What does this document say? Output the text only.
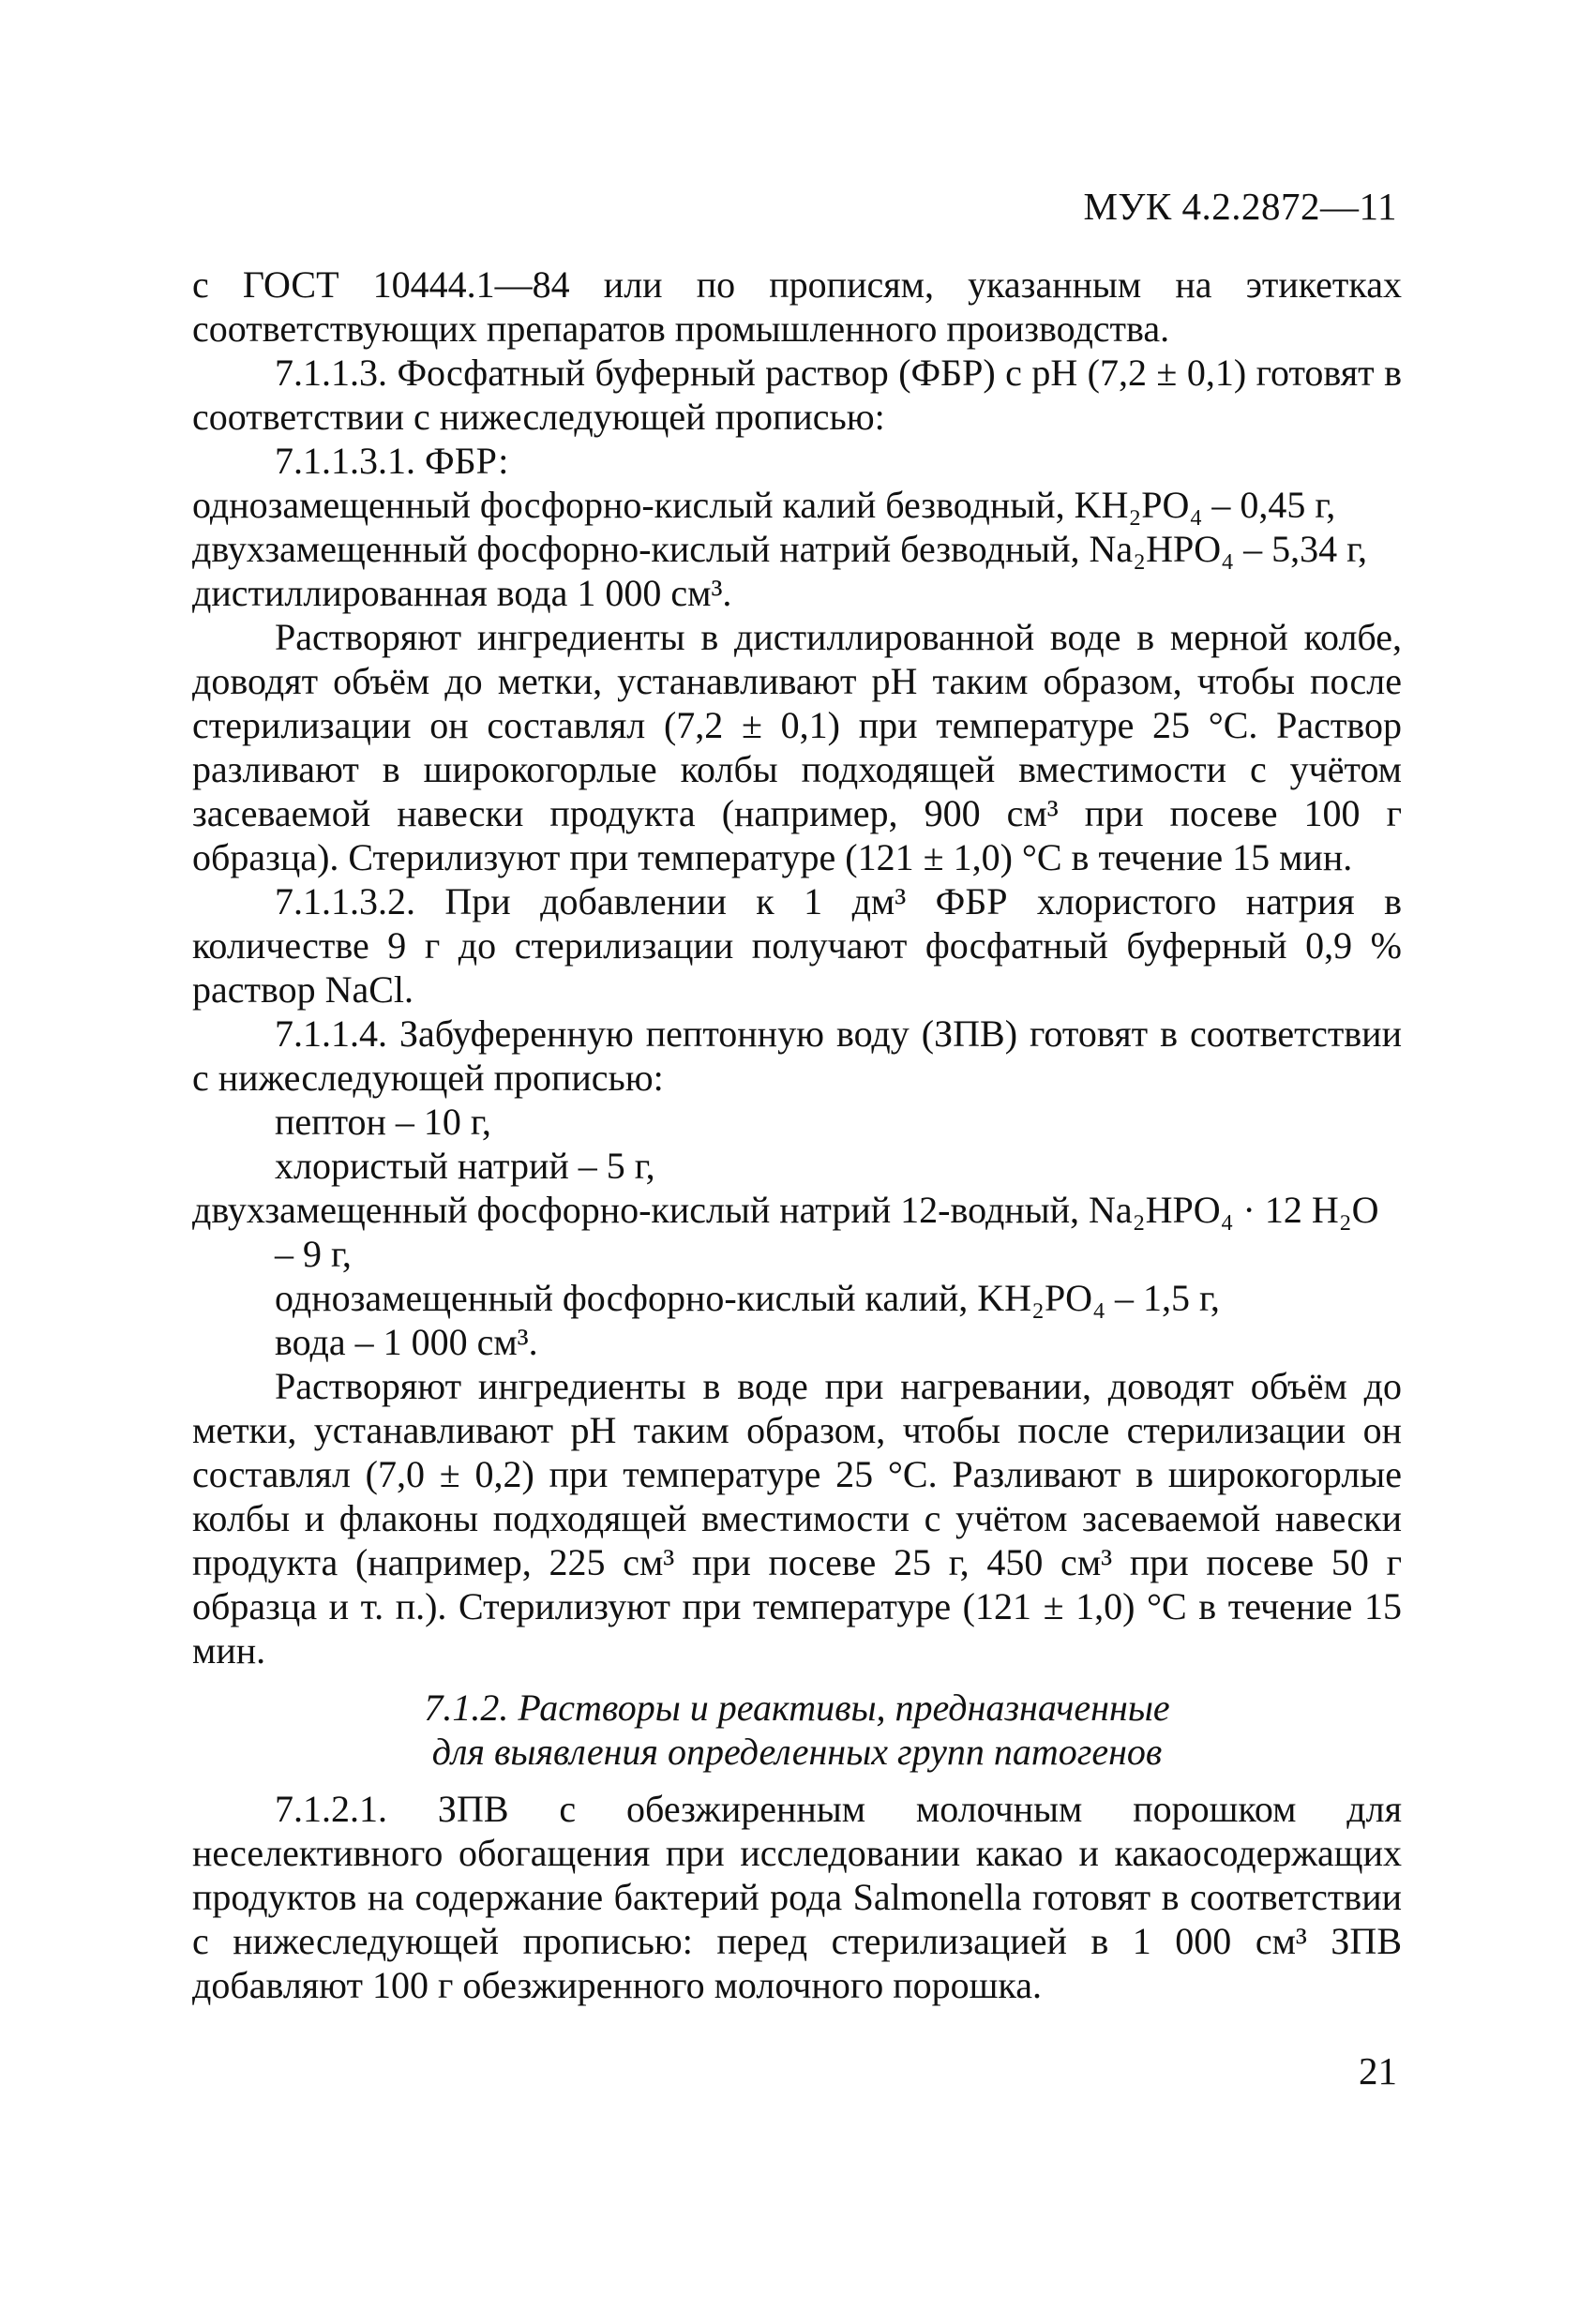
МУК 4.2.2872—11

с ГОСТ 10444.1—84 или по прописям, указанным на этикетках соответствующих препаратов промышленного производства.

7.1.1.3. Фосфатный буферный раствор (ФБР) с pH (7,2 ± 0,1) готовят в соответствии с нижеследующей прописью:

7.1.1.3.1. ФБР:

однозамещенный фосфорно-кислый калий безводный, KH₂PO₄ – 0,45 г,

двухзамещенный фосфорно-кислый натрий безводный, Na₂HPO₄ – 5,34 г,

дистиллированная вода 1 000 см³.

Растворяют ингредиенты в дистиллированной воде в мерной колбе, доводят объём до метки, устанавливают pH таким образом, чтобы после стерилизации он составлял (7,2 ± 0,1) при температуре 25 °C. Раствор разливают в широкогорлые колбы подходящей вместимости с учётом засеваемой навески продукта (например, 900 см³ при посеве 100 г образца). Стерилизуют при температуре (121 ± 1,0) °C в течение 15 мин.

7.1.1.3.2. При добавлении к 1 дм³ ФБР хлористого натрия в количестве 9 г до стерилизации получают фосфатный буферный 0,9 % раствор NaCl.

7.1.1.4. Забуференную пептонную воду (ЗПВ) готовят в соответствии с нижеследующей прописью:

пептон – 10 г,

хлористый натрий – 5 г,

двухзамещенный фосфорно-кислый натрий 12-водный, Na₂HPO₄ · 12 H₂O – 9 г,

однозамещенный фосфорно-кислый калий, KH₂PO₄ – 1,5 г,

вода – 1 000 см³.

Растворяют ингредиенты в воде при нагревании, доводят объём до метки, устанавливают pH таким образом, чтобы после стерилизации он составлял (7,0 ± 0,2) при температуре 25 °C. Разливают в широкогорлые колбы и флаконы подходящей вместимости с учётом засеваемой навески продукта (например, 225 см³ при посеве 25 г, 450 см³ при посеве 50 г образца и т. п.). Стерилизуют при температуре (121 ± 1,0) °C в течение 15 мин.

7.1.2. Растворы и реактивы, предназначенные
для выявления определенных групп патогенов

7.1.2.1. ЗПВ с обезжиренным молочным порошком для неселективного обогащения при исследовании какао и какаосодержащих продуктов на содержание бактерий рода Salmonella готовят в соответствии с нижеследующей прописью: перед стерилизацией в 1 000 см³ ЗПВ добавляют 100 г обезжиренного молочного порошка.

21
